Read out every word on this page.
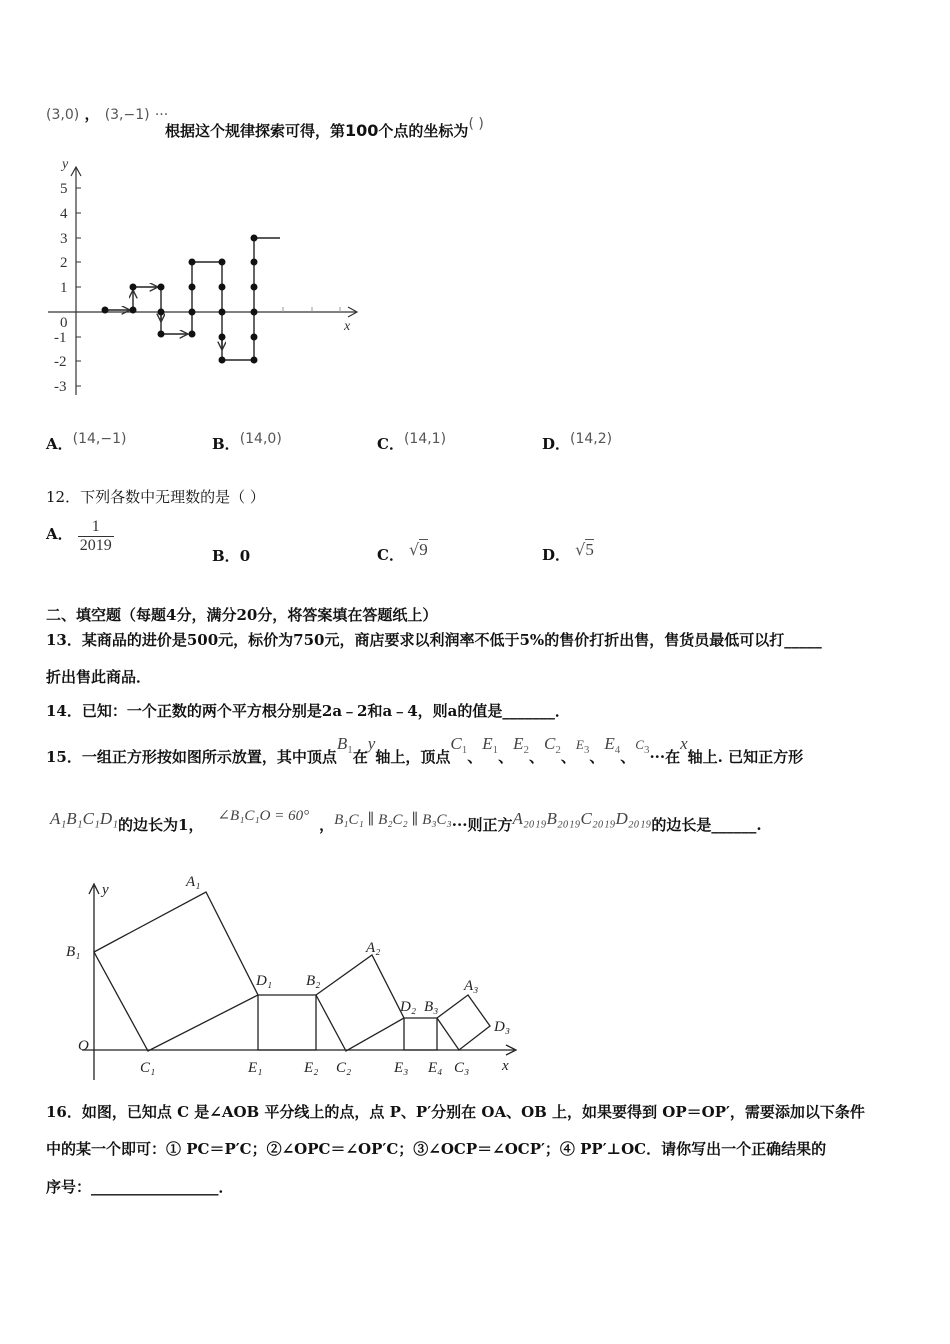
(3,0) ， (3,−1) ···
根据这个规律探索可得，第100个点的坐标为( )
y
x
5
4
3
2
1
0
-1
-2
-3
A．(14,−1)	B．(14,0)	C．(14,1)	D．(14,2)
12．下列各数中无理数的是（ ）
A． $\frac{1}{2019}$
B．0	C． √9	D． √5
二、填空题（每题4分，满分20分，将答案填在答题纸上）
13．某商品的进价是500元，标价为750元，商店要求以利润率不低于5%的售价打折出售，售货员最低可以打_____
折出售此商品．
14．已知：一个正数的两个平方根分别是2a﹣2和a﹣4，则a的值是_______．
15．一组正方形按如图所示放置，其中顶点$B_1$在y轴上，顶点$C_1$、$E_1$、$E_2$、$C_2$、$E_3$、$E_4$、$C_3\cdot\cdot\cdot$在x轴上. 已知正方形
A₁B₁C₁D₁的边长为1， ∠B₁C₁O = 60° ，B₁C₁ ∥ B₂C₂ ∥ B₃C₃···则正方A₂₀₁₉B₂₀₁₉C₂₀₁₉D₂₀₁₉的边长是______.
y
x
O
A₁
B₁
C₁
D₁
E₁	E₂
B₂
A₂
C₂
D₂ B₃
E₃ E₄
A₃
C₃
D₃
16．如图，已知点 C 是∠AOB 平分线上的点，点 P、P′分别在 OA、OB 上，如果要得到 OP＝OP′，需要添加以下条件
中的某一个即可：① PC＝P′C；②∠OPC＝∠OP′C；③∠OCP＝∠OCP′；④ PP′⊥OC．请你写出一个正确结果的
序号：_________________．
